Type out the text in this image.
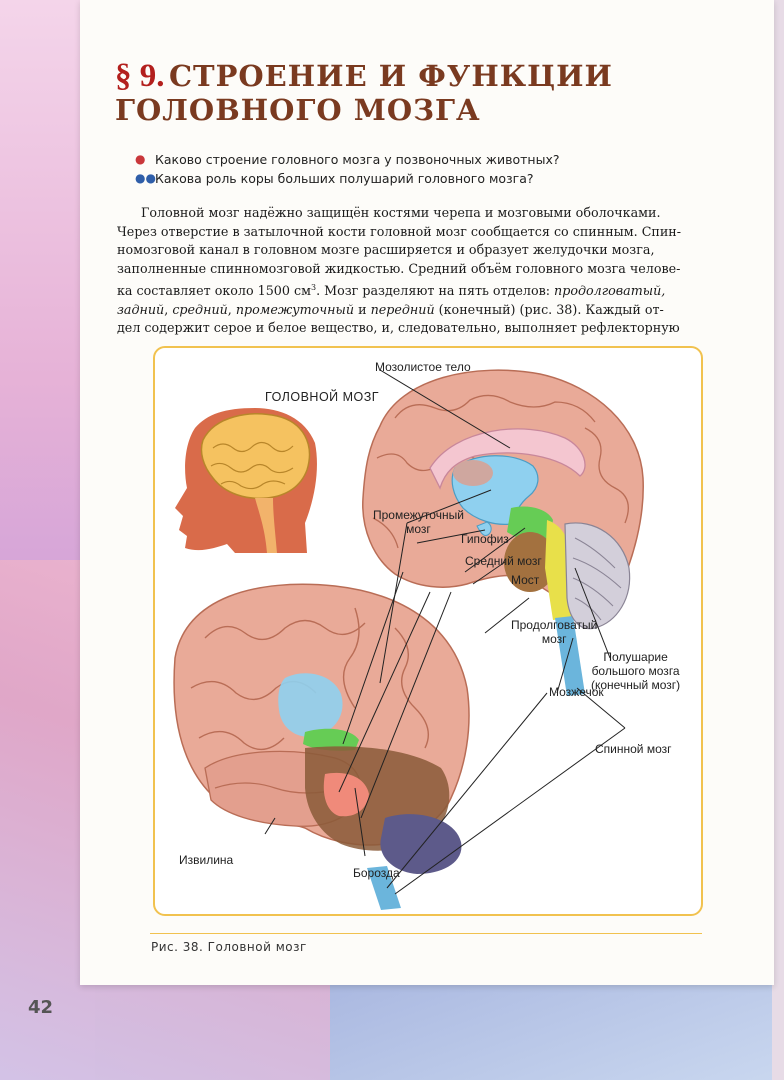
§ 9. СТРОЕНИЕ И ФУНКЦИИ
ГОЛОВНОГО МОЗГА
● Каково строение головного мозга у позвоночных животных?
●● Какова роль коры больших полушарий головного мозга?

Головной мозг надёжно защищён костями черепа и мозговыми оболочками.

Через отверстие в затылочной кости головной мозг сообщается со спинным. Спин-

номозговой канал в головном мозге расширяется и образует желудочки мозга,

заполненные спинномозговой жидкостью. Средний объём головного мозга челове-

ка составляет около 1500 $см^3$. Мозг разделяют на пять отделов: продолговатый,

задний, средний, промежуточный и передний (конечный) (рис. 38). Каждый от-

дел содержит серое и белое вещество, и, следовательно, выполняет рефлекторную

ГОЛОВНОЙ МОЗГ
Мозолистое тело
Промежуточный
мозг
Гипофиз
Средний мозг
Мост
Продолговатый
мозг
Мозжечок
Полушарие
большого мозга
(конечный мозг)
Спинной мозг
Извилина
Борозда
Рис. 38. Головной мозг
42
